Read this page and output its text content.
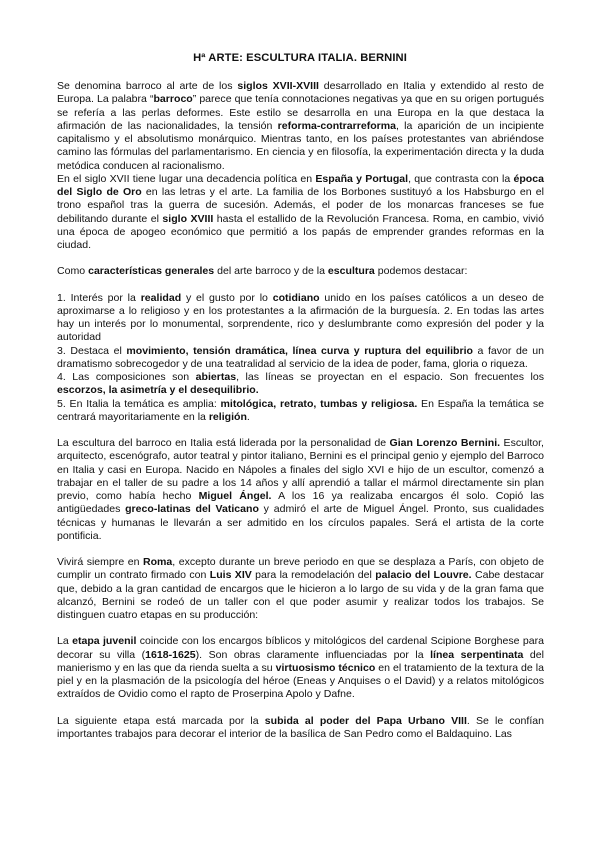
Hª ARTE: ESCULTURA ITALIA. BERNINI

Se denomina barroco al arte de los siglos XVII-XVIII desarrollado en Italia y extendido al resto de Europa. La palabra “barroco” parece que tenía connotaciones negativas ya que en su origen portugués se refería a las perlas deformes. Este estilo se desarrolla en una Europa en la que destaca la afirmación de las nacionalidades, la tensión reforma-contrarreforma, la aparición de un incipiente capitalismo y el absolutismo monárquico. Mientras tanto, en los países protestantes van abriéndose camino las fórmulas del parlamentarismo. En ciencia y en filosofía, la experimentación directa y la duda metódica conducen al racionalismo.

En el siglo XVII tiene lugar una decadencia política en España y Portugal, que contrasta con la época del Siglo de Oro en las letras y el arte. La familia de los Borbones sustituyó a los Habsburgo en el trono español tras la guerra de sucesión. Además, el poder de los monarcas franceses se fue debilitando durante el siglo XVIII hasta el estallido de la Revolución Francesa. Roma, en cambio, vivió una época de apogeo económico que permitió a los papás de emprender grandes reformas en la ciudad.

Como características generales del arte barroco y de la escultura podemos destacar:

1. Interés por la realidad y el gusto por lo cotidiano unido en los países católicos a un deseo de aproximarse a lo religioso y en los protestantes a la afirmación de la burguesía. 2. En todas las artes hay un interés por lo monumental, sorprendente, rico y deslumbrante como expresión del poder y la autoridad

3. Destaca el movimiento, tensión dramática, línea curva y ruptura del equilibrio a favor de un dramatismo sobrecogedor y de una teatralidad al servicio de la idea de poder, fama, gloria o riqueza.

4. Las composiciones son abiertas, las líneas se proyectan en el espacio. Son frecuentes los escorzos, la asimetría y el desequilibrio.

5. En Italia la temática es amplia: mitológica, retrato, tumbas y religiosa. En España la temática se centrará mayoritariamente en la religión.

La escultura del barroco en Italia está liderada por la personalidad de Gian Lorenzo Bernini. Escultor, arquitecto, escenógrafo, autor teatral y pintor italiano, Bernini es el principal genio y ejemplo del Barroco en Italia y casi en Europa. Nacido en Nápoles a finales del siglo XVI e hijo de un escultor, comenzó a trabajar en el taller de su padre a los 14 años y allí aprendió a tallar el mármol directamente sin plan previo, como había hecho Miguel Ángel. A los 16 ya realizaba encargos él solo. Copió las antigüedades greco-latinas del Vaticano y admiró el arte de Miguel Ángel. Pronto, sus cualidades técnicas y humanas le llevarán a ser admitido en los círculos papales. Será el artista de la corte pontificia.

Vivirá siempre en Roma, excepto durante un breve periodo en que se desplaza a París, con objeto de cumplir un contrato firmado con Luis XIV para la remodelación del palacio del Louvre. Cabe destacar que, debido a la gran cantidad de encargos que le hicieron a lo largo de su vida y de la gran fama que alcanzó, Bernini se rodeó de un taller con el que poder asumir y realizar todos los trabajos. Se distinguen cuatro etapas en su producción:

La etapa juvenil coincide con los encargos bíblicos y mitológicos del cardenal Scipione Borghese para decorar su villa (1618-1625). Son obras claramente influenciadas por la línea serpentinata del manierismo y en las que da rienda suelta a su virtuosismo técnico en el tratamiento de la textura de la piel y en la plasmación de la psicología del héroe (Eneas y Anquises o el David) y a relatos mitológicos extraídos de Ovidio como el rapto de Proserpina Apolo y Dafne.

La siguiente etapa está marcada por la subida al poder del Papa Urbano VIII. Se le confían importantes trabajos para decorar el interior de la basílica de San Pedro como el Baldaquino. Las
